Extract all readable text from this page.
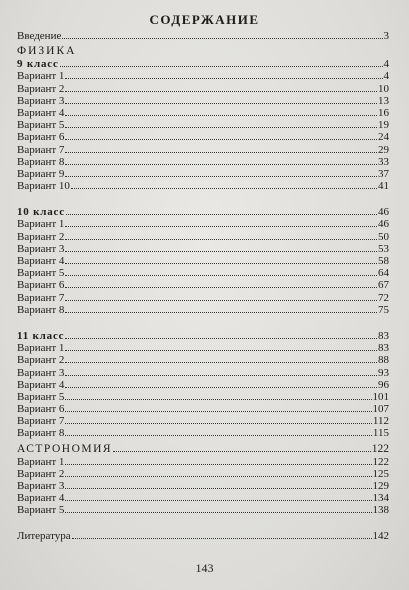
СОДЕРЖАНИЕ
Введение	3
ФИЗИКА
9 класс	4
Вариант 1	4
Вариант 2	10
Вариант 3	13
Вариант 4	16
Вариант 5	19
Вариант 6	24
Вариант 7	29
Вариант 8	33
Вариант 9	37
Вариант 10	41
10 класс	46
Вариант 1	46
Вариант 2	50
Вариант 3	53
Вариант 4	58
Вариант 5	64
Вариант 6	67
Вариант 7	72
Вариант 8	75
11 класс	83
Вариант 1	83
Вариант 2	88
Вариант 3	93
Вариант 4	96
Вариант 5	101
Вариант 6	107
Вариант 7	112
Вариант 8	115
АСТРОНОМИЯ	122
Вариант 1	122
Вариант 2	125
Вариант 3	129
Вариант 4	134
Вариант 5	138
Литература	142
143
